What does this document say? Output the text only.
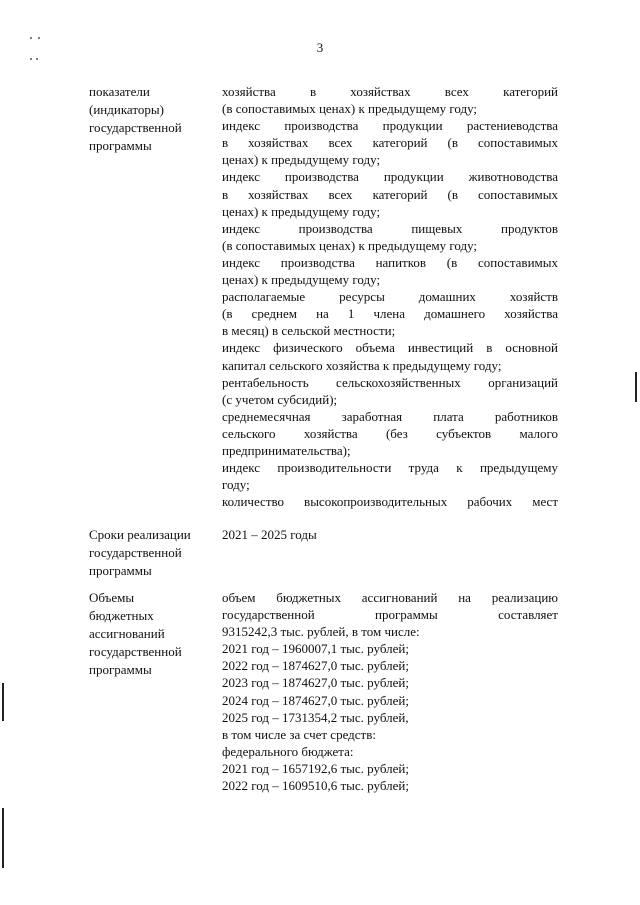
3
показатели
(индикаторы)
государственной
программы
хозяйства в хозяйствах всех категорий
(в сопоставимых ценах) к предыдущему году;
индекс производства продукции растениеводства
в хозяйствах всех категорий (в сопоставимых
ценах) к предыдущему году;
индекс производства продукции животноводства
в хозяйствах всех категорий (в сопоставимых
ценах) к предыдущему году;
индекс производства пищевых продуктов
(в сопоставимых ценах) к предыдущему году;
индекс производства напитков (в сопоставимых
ценах) к предыдущему году;
располагаемые ресурсы домашних хозяйств
(в среднем на 1 члена домашнего хозяйства
в месяц) в сельской местности;
индекс физического объема инвестиций в основной
капитал сельского хозяйства к предыдущему году;
рентабельность сельскохозяйственных организаций
(с учетом субсидий);
среднемесячная заработная плата работников
сельского хозяйства (без субъектов малого
предпринимательства);
индекс производительности труда к предыдущему
году;
количество высокопроизводительных рабочих мест
Сроки реализации
государственной
программы
2021 – 2025 годы
Объемы
бюджетных
ассигнований
государственной
программы
объем бюджетных ассигнований на реализацию
государственной программы составляет
9315242,3 тыс. рублей, в том числе:
2021 год – 1960007,1 тыс. рублей;
2022 год – 1874627,0 тыс. рублей;
2023 год – 1874627,0 тыс. рублей;
2024 год – 1874627,0 тыс. рублей;
2025 год – 1731354,2 тыс. рублей,
в том числе за счет средств:
федерального бюджета:
2021 год – 1657192,6 тыс. рублей;
2022 год – 1609510,6 тыс. рублей;
